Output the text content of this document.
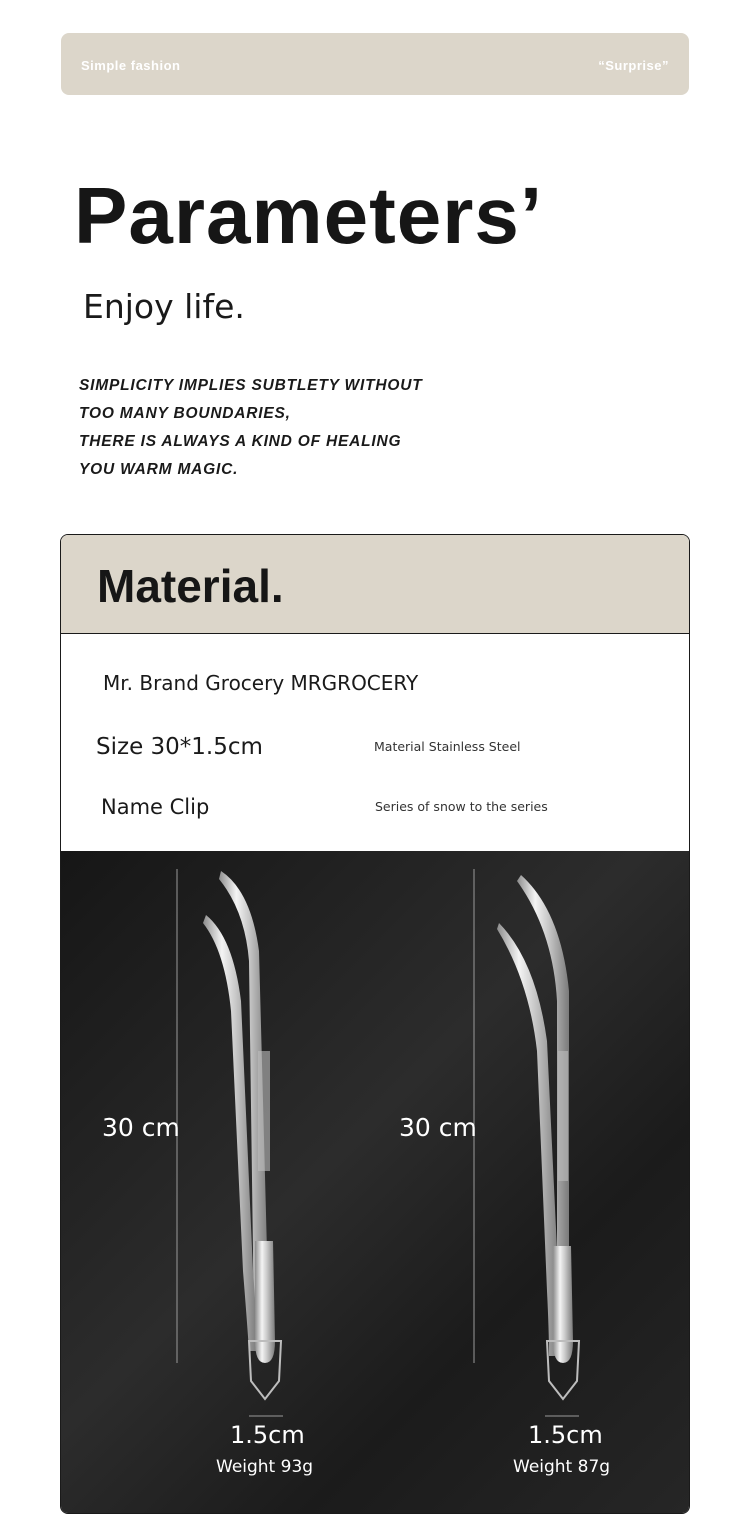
Simple fashion	“Surprise”
Parameters’
Enjoy life.
SIMPLICITY IMPLIES SUBTLETY WITHOUT
TOO MANY BOUNDARIES,
THERE IS ALWAYS A KIND OF HEALING
YOU WARM MAGIC.
Material.
Mr. Brand Grocery MRGROCERY
Size 30*1.5cm	Material Stainless Steel
Name Clip	Series of snow to the series
30 cm
1.5cm
Weight 93g
30 cm
1.5cm
Weight 87g
